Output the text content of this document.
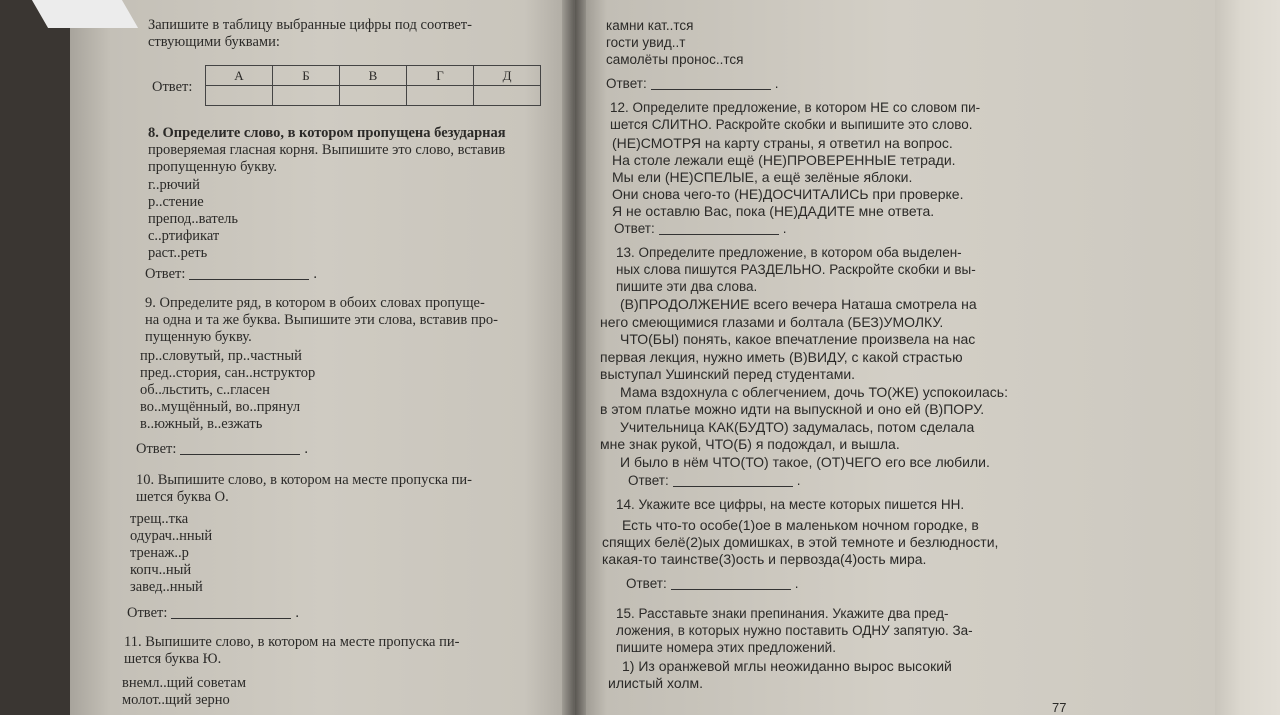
Запишите в таблицу выбранные цифры под соответ-
ствующими буквами:
Ответ:
А	Б	В	Г	Д

8. Определите слово, в котором пропущена безударная
проверяемая гласная корня. Выпишите это слово, вставив
пропущенную букву.
г..рючий
р..стение
препод..ватель
с..ртификат
раст..реть
Ответ:	.
9. Определите ряд, в котором в обоих словах пропуще-
на одна и та же буква. Выпишите эти слова, вставив про-
пущенную букву.
пр..словутый, пр..частный
пред..стория, сан..нструктор
об..льстить, с..гласен
во..мущённый, во..прянул
в..южный, в..езжать
Ответ:	.
10. Выпишите слово, в котором на месте пропуска пи-
шется буква О.
трещ..тка
одурач..нный
тренаж..р
копч..ный
завед..нный
Ответ:	.
11. Выпишите слово, в котором на месте пропуска пи-
шется буква Ю.
внемл..щий советам
молот..щий зерно
камни кат..тся
гости увид..т
самолёты пронос..тся
Ответ:	.
12. Определите предложение, в котором НЕ со словом пи-
шется СЛИТНО. Раскройте скобки и выпишите это слово.
(НЕ)СМОТРЯ на карту страны, я ответил на вопрос.
На столе лежали ещё (НЕ)ПРОВЕРЕННЫЕ тетради.
Мы ели (НЕ)СПЕЛЫЕ, а ещё зелёные яблоки.
Они снова чего-то (НЕ)ДОСЧИТАЛИСЬ при проверке.
Я не оставлю Вас, пока (НЕ)ДАДИТЕ мне ответа.
Ответ:	.
13. Определите предложение, в котором оба выделен-
ных слова пишутся РАЗДЕЛЬНО. Раскройте скобки и вы-
пишите эти два слова.
(В)ПРОДОЛЖЕНИЕ всего вечера Наташа смотрела на
него смеющимися глазами и болтала (БЕЗ)УМОЛКУ.
ЧТО(БЫ) понять, какое впечатление произвела на нас
первая лекция, нужно иметь (В)ВИДУ, с какой страстью
выступал Ушинский перед студентами.
Мама вздохнула с облегчением, дочь ТО(ЖЕ) успокоилась:
в этом платье можно идти на выпускной и оно ей (В)ПОРУ.
Учительница КАК(БУДТО) задумалась, потом сделала
мне знак рукой, ЧТО(Б) я подождал, и вышла.
И было в нём ЧТО(ТО) такое, (ОТ)ЧЕГО его все любили.
Ответ:	.
14. Укажите все цифры, на месте которых пишется НН.
Есть что-то особе(1)ое в маленьком ночном городке, в
спящих белё(2)ых домишках, в этой темноте и безлюдности,
какая-то таинстве(3)ость и первозда(4)ость мира.
Ответ:	.
15. Расставьте знаки препинания. Укажите два пред-
ложения, в которых нужно поставить ОДНУ запятую. За-
пишите номера этих предложений.
1) Из оранжевой мглы неожиданно вырос высокий
илистый холм.
77
